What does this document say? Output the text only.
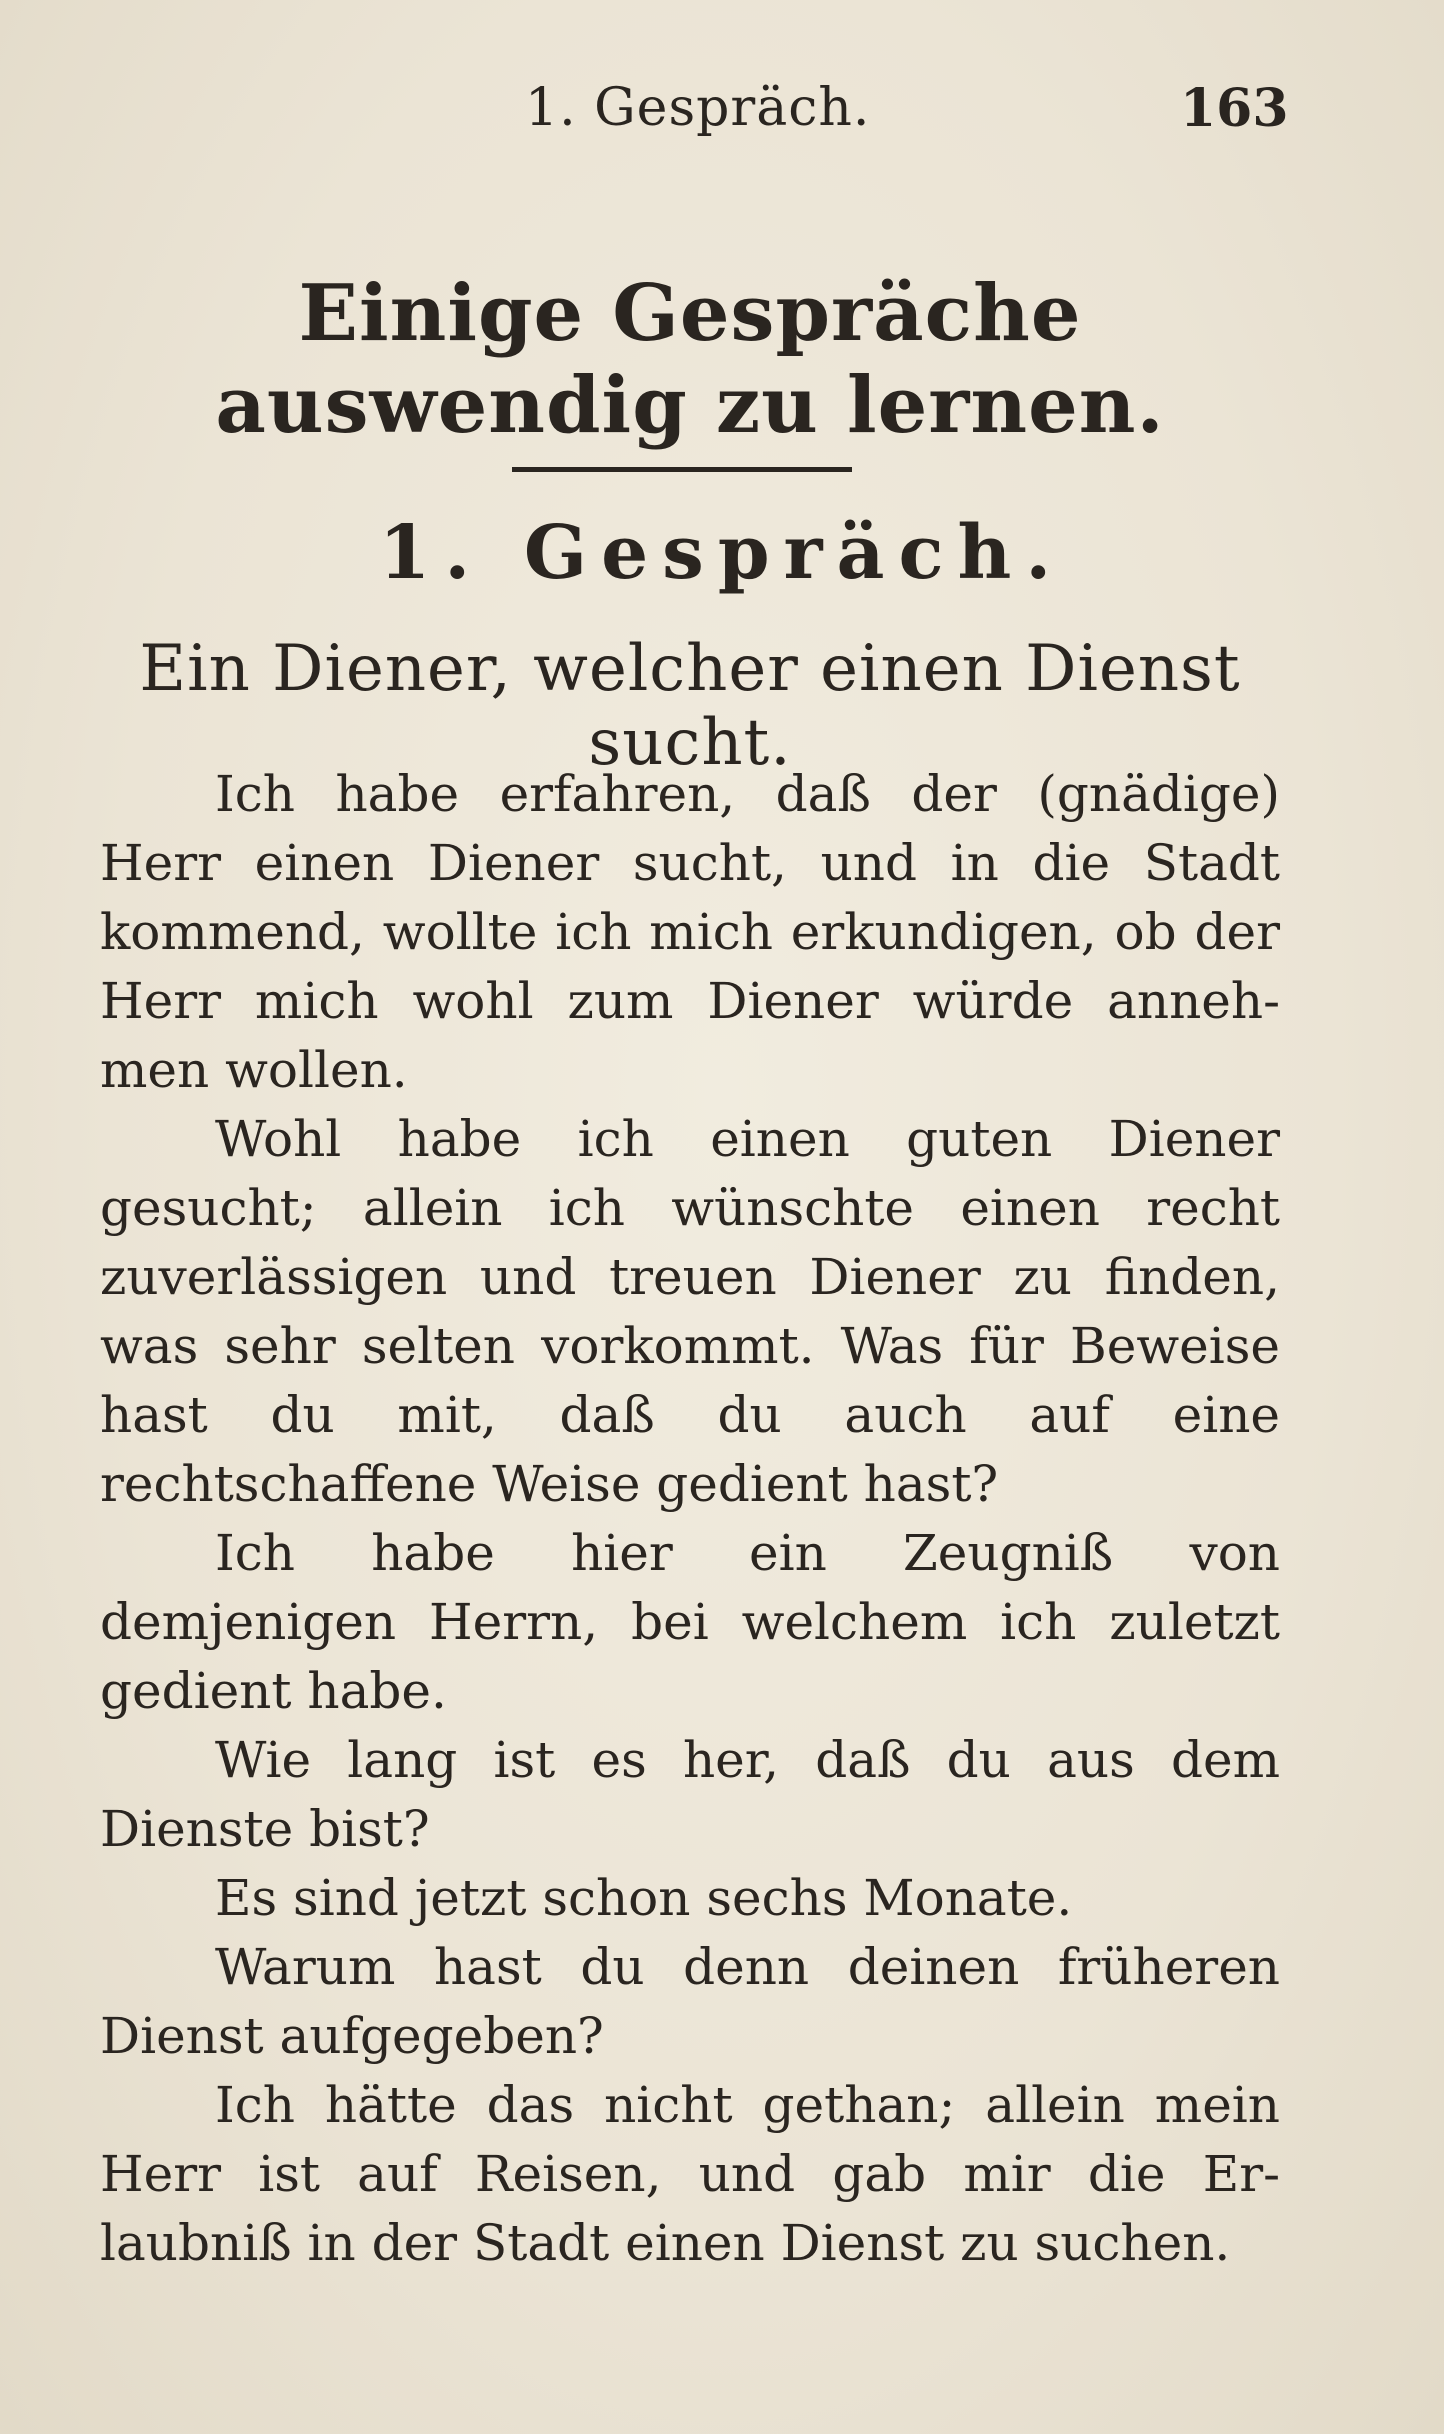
1. Gespräch.	163
Einige Gespräche auswendig zu lernen.
1. Gespräch.
Ein Diener, welcher einen Dienst sucht.

Ich habe erfahren, daß der (gnädige) Herr einen Diener sucht, und in die Stadt kommend, wollte ich mich erkundigen, ob der Herr mich wohl zum Diener würde anneh-men wollen.

Wohl habe ich einen guten Diener gesucht; allein ich wünschte einen recht zuverlässigen und treuen Diener zu finden, was sehr selten vorkommt. Was für Beweise hast du mit, daß du auch auf eine rechtschaffene Weise gedient hast?

Ich habe hier ein Zeugniß von demjenigen Herrn, bei welchem ich zuletzt gedient habe.

Wie lang ist es her, daß du aus dem Dienste bist?

Es sind jetzt schon sechs Monate.

Warum hast du denn deinen früheren Dienst aufgegeben?

Ich hätte das nicht gethan; allein mein Herr ist auf Reisen, und gab mir die Er-laubniß in der Stadt einen Dienst zu suchen.
